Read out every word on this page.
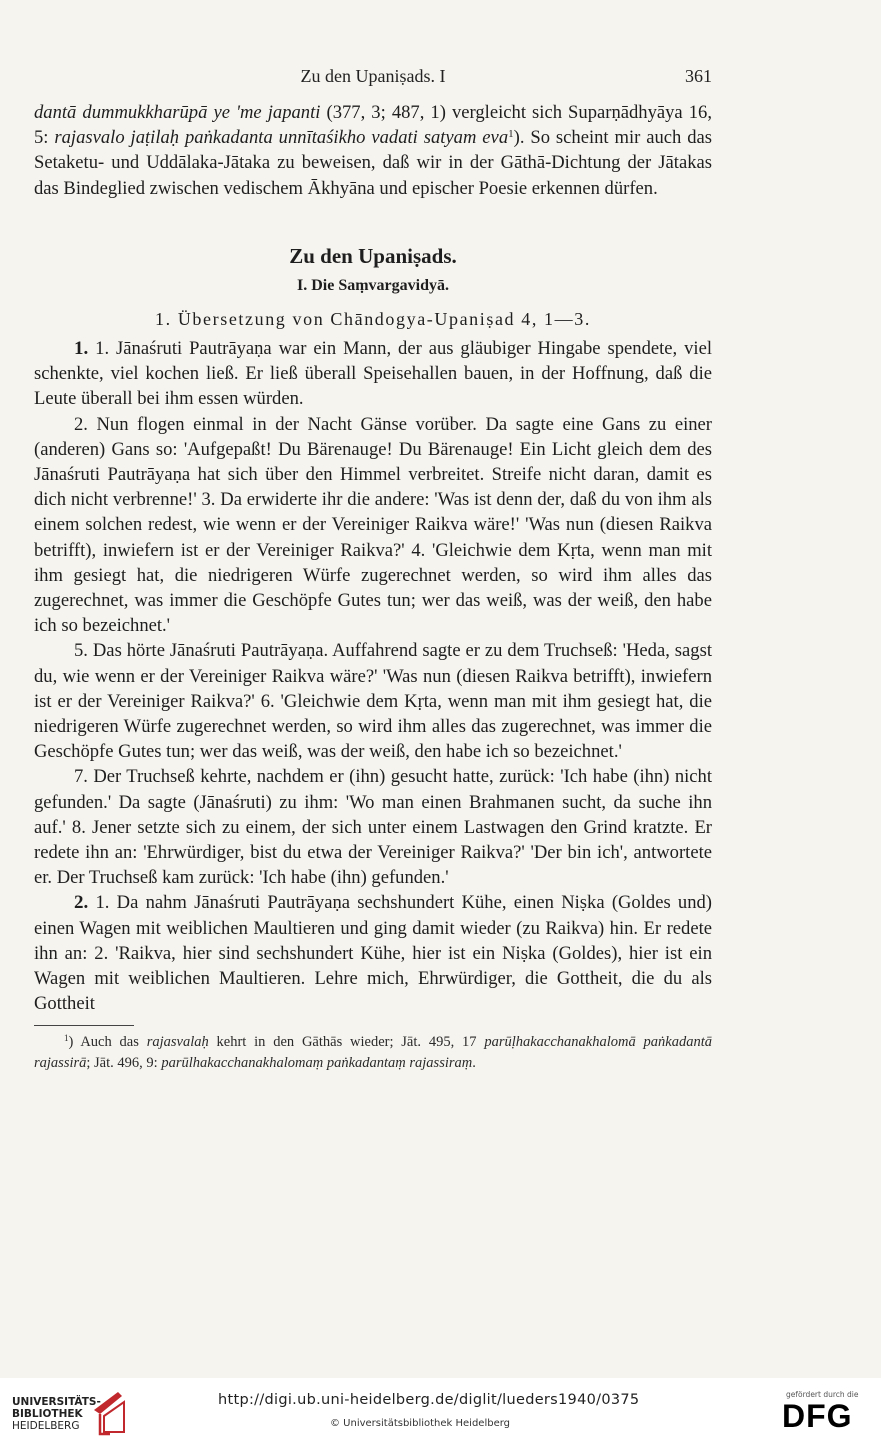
Zu den Upaniṣads. I	361

dantā dummukkharūpā ye 'me japanti (377, 3; 487, 1) vergleicht sich Suparṇādhyāya 16, 5: rajasvalo jaṭilaḥ paṅkadanta unnītaśikho vadati satyam eva$^1$). So scheint mir auch das Setaketu- und Uddālaka-Jātaka zu beweisen, daß wir in der Gāthā-Dichtung der Jātakas das Bindeglied zwischen vedischem Ākhyāna und epischer Poesie erkennen dürfen.

Zu den Upaniṣads.
I. Die Saṃvargavidyā.
1. Übersetzung von Chāndogya-Upaniṣad 4, 1—3.

1. 1. Jānaśruti Pautrāyaṇa war ein Mann, der aus gläubiger Hingabe spendete, viel schenkte, viel kochen ließ. Er ließ überall Speisehallen bauen, in der Hoffnung, daß die Leute überall bei ihm essen würden.

2. Nun flogen einmal in der Nacht Gänse vorüber. Da sagte eine Gans zu einer (anderen) Gans so: 'Aufgepaßt! Du Bärenauge! Du Bärenauge! Ein Licht gleich dem des Jānaśruti Pautrāyaṇa hat sich über den Himmel verbreitet. Streife nicht daran, damit es dich nicht verbrenne!' 3. Da erwiderte ihr die andere: 'Was ist denn der, daß du von ihm als einem solchen redest, wie wenn er der Vereiniger Raikva wäre!' 'Was nun (diesen Raikva betrifft), inwiefern ist er der Vereiniger Raikva?' 4. 'Gleichwie dem Kṛta, wenn man mit ihm gesiegt hat, die niedrigeren Würfe zugerechnet werden, so wird ihm alles das zugerechnet, was immer die Geschöpfe Gutes tun; wer das weiß, was der weiß, den habe ich so bezeichnet.'

5. Das hörte Jānaśruti Pautrāyaṇa. Auffahrend sagte er zu dem Truchseß: 'Heda, sagst du, wie wenn er der Vereiniger Raikva wäre?' 'Was nun (diesen Raikva betrifft), inwiefern ist er der Vereiniger Raikva?' 6. 'Gleichwie dem Kṛta, wenn man mit ihm gesiegt hat, die niedrigeren Würfe zugerechnet werden, so wird ihm alles das zugerechnet, was immer die Geschöpfe Gutes tun; wer das weiß, was der weiß, den habe ich so bezeichnet.'

7. Der Truchseß kehrte, nachdem er (ihn) gesucht hatte, zurück: 'Ich habe (ihn) nicht gefunden.' Da sagte (Jānaśruti) zu ihm: 'Wo man einen Brahmanen sucht, da suche ihn auf.' 8. Jener setzte sich zu einem, der sich unter einem Lastwagen den Grind kratzte. Er redete ihn an: 'Ehrwürdiger, bist du etwa der Vereiniger Raikva?' 'Der bin ich', antwortete er. Der Truchseß kam zurück: 'Ich habe (ihn) gefunden.'

2. 1. Da nahm Jānaśruti Pautrāyaṇa sechshundert Kühe, einen Niṣka (Goldes und) einen Wagen mit weiblichen Maultieren und ging damit wieder (zu Raikva) hin. Er redete ihn an: 2. 'Raikva, hier sind sechshundert Kühe, hier ist ein Niṣka (Goldes), hier ist ein Wagen mit weiblichen Maultieren. Lehre mich, Ehrwürdiger, die Gottheit, die du als Gottheit

$^1$) Auch das rajasvalaḥ kehrt in den Gāthās wieder; Jāt. 495, 17 parūḷhakacchanakhalomā paṅkadantā rajassirā; Jāt. 496, 9: parūlhakacchanakhalomaṃ paṅkadantaṃ rajassiraṃ.
UNIVERSITÄTS-
BIBLIOTHEK
HEIDELBERG
http://digi.ub.uni-heidelberg.de/diglit/lueders1940/0375
© Universitätsbibliothek Heidelberg
gefördert durch die
DFG
